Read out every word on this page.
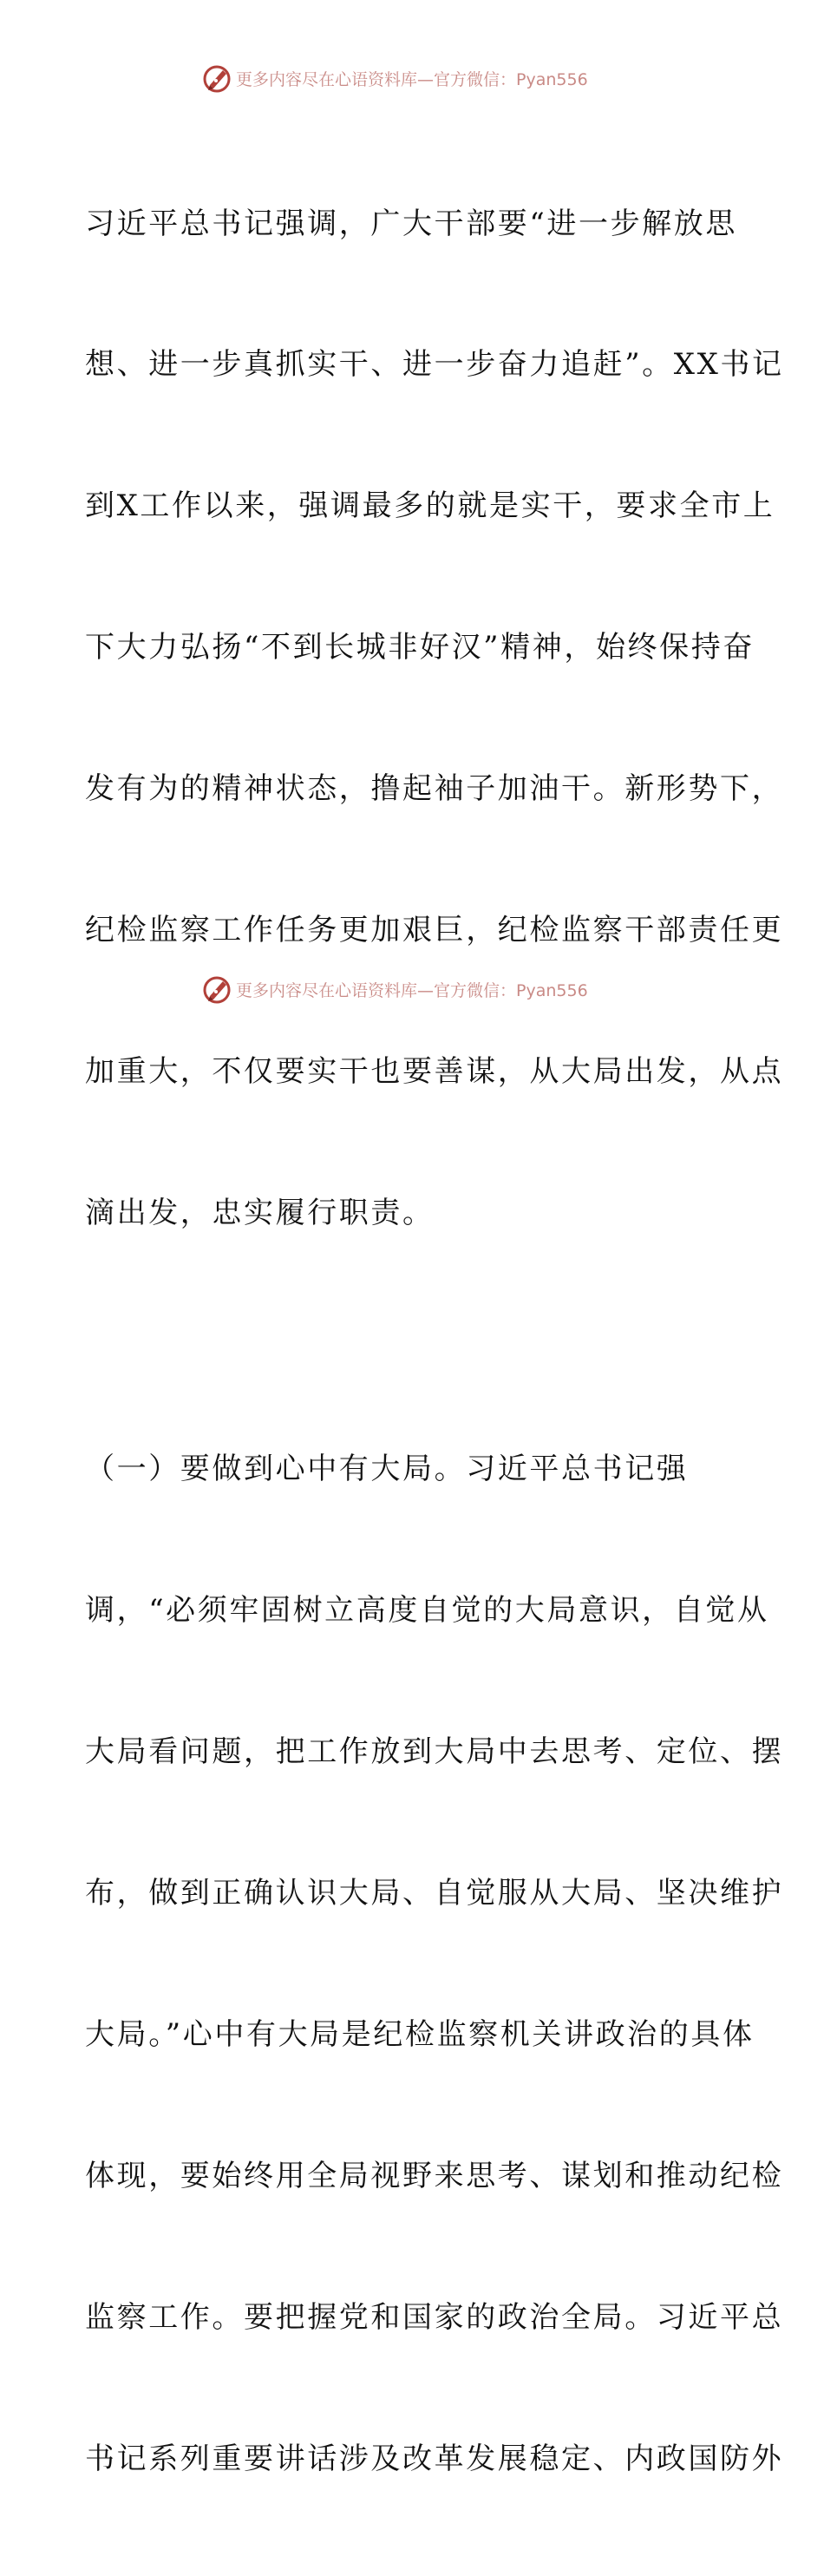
更多内容尽在心语资料库—官方微信：Pyan556

习近平总书记强调，广大干部要“进一步解放思

想、进一步真抓实干、进一步奋力追赶”。XX书记

到X工作以来，强调最多的就是实干，要求全市上

下大力弘扬“不到长城非好汉”精神，始终保持奋

发有为的精神状态，撸起袖子加油干。新形势下，

纪检监察工作任务更加艰巨，纪检监察干部责任更

加重大，不仅要实干也要善谋，从大局出发，从点

滴出发，忠实履行职责。

（一）要做到心中有大局。习近平总书记强

调，“必须牢固树立高度自觉的大局意识，自觉从

大局看问题，把工作放到大局中去思考、定位、摆

布，做到正确认识大局、自觉服从大局、坚决维护

大局。”心中有大局是纪检监察机关讲政治的具体

体现，要始终用全局视野来思考、谋划和推动纪检

监察工作。要把握党和国家的政治全局。习近平总

书记系列重要讲话涉及改革发展稳定、内政国防外

更多内容尽在心语资料库—官方微信：Pyan556
